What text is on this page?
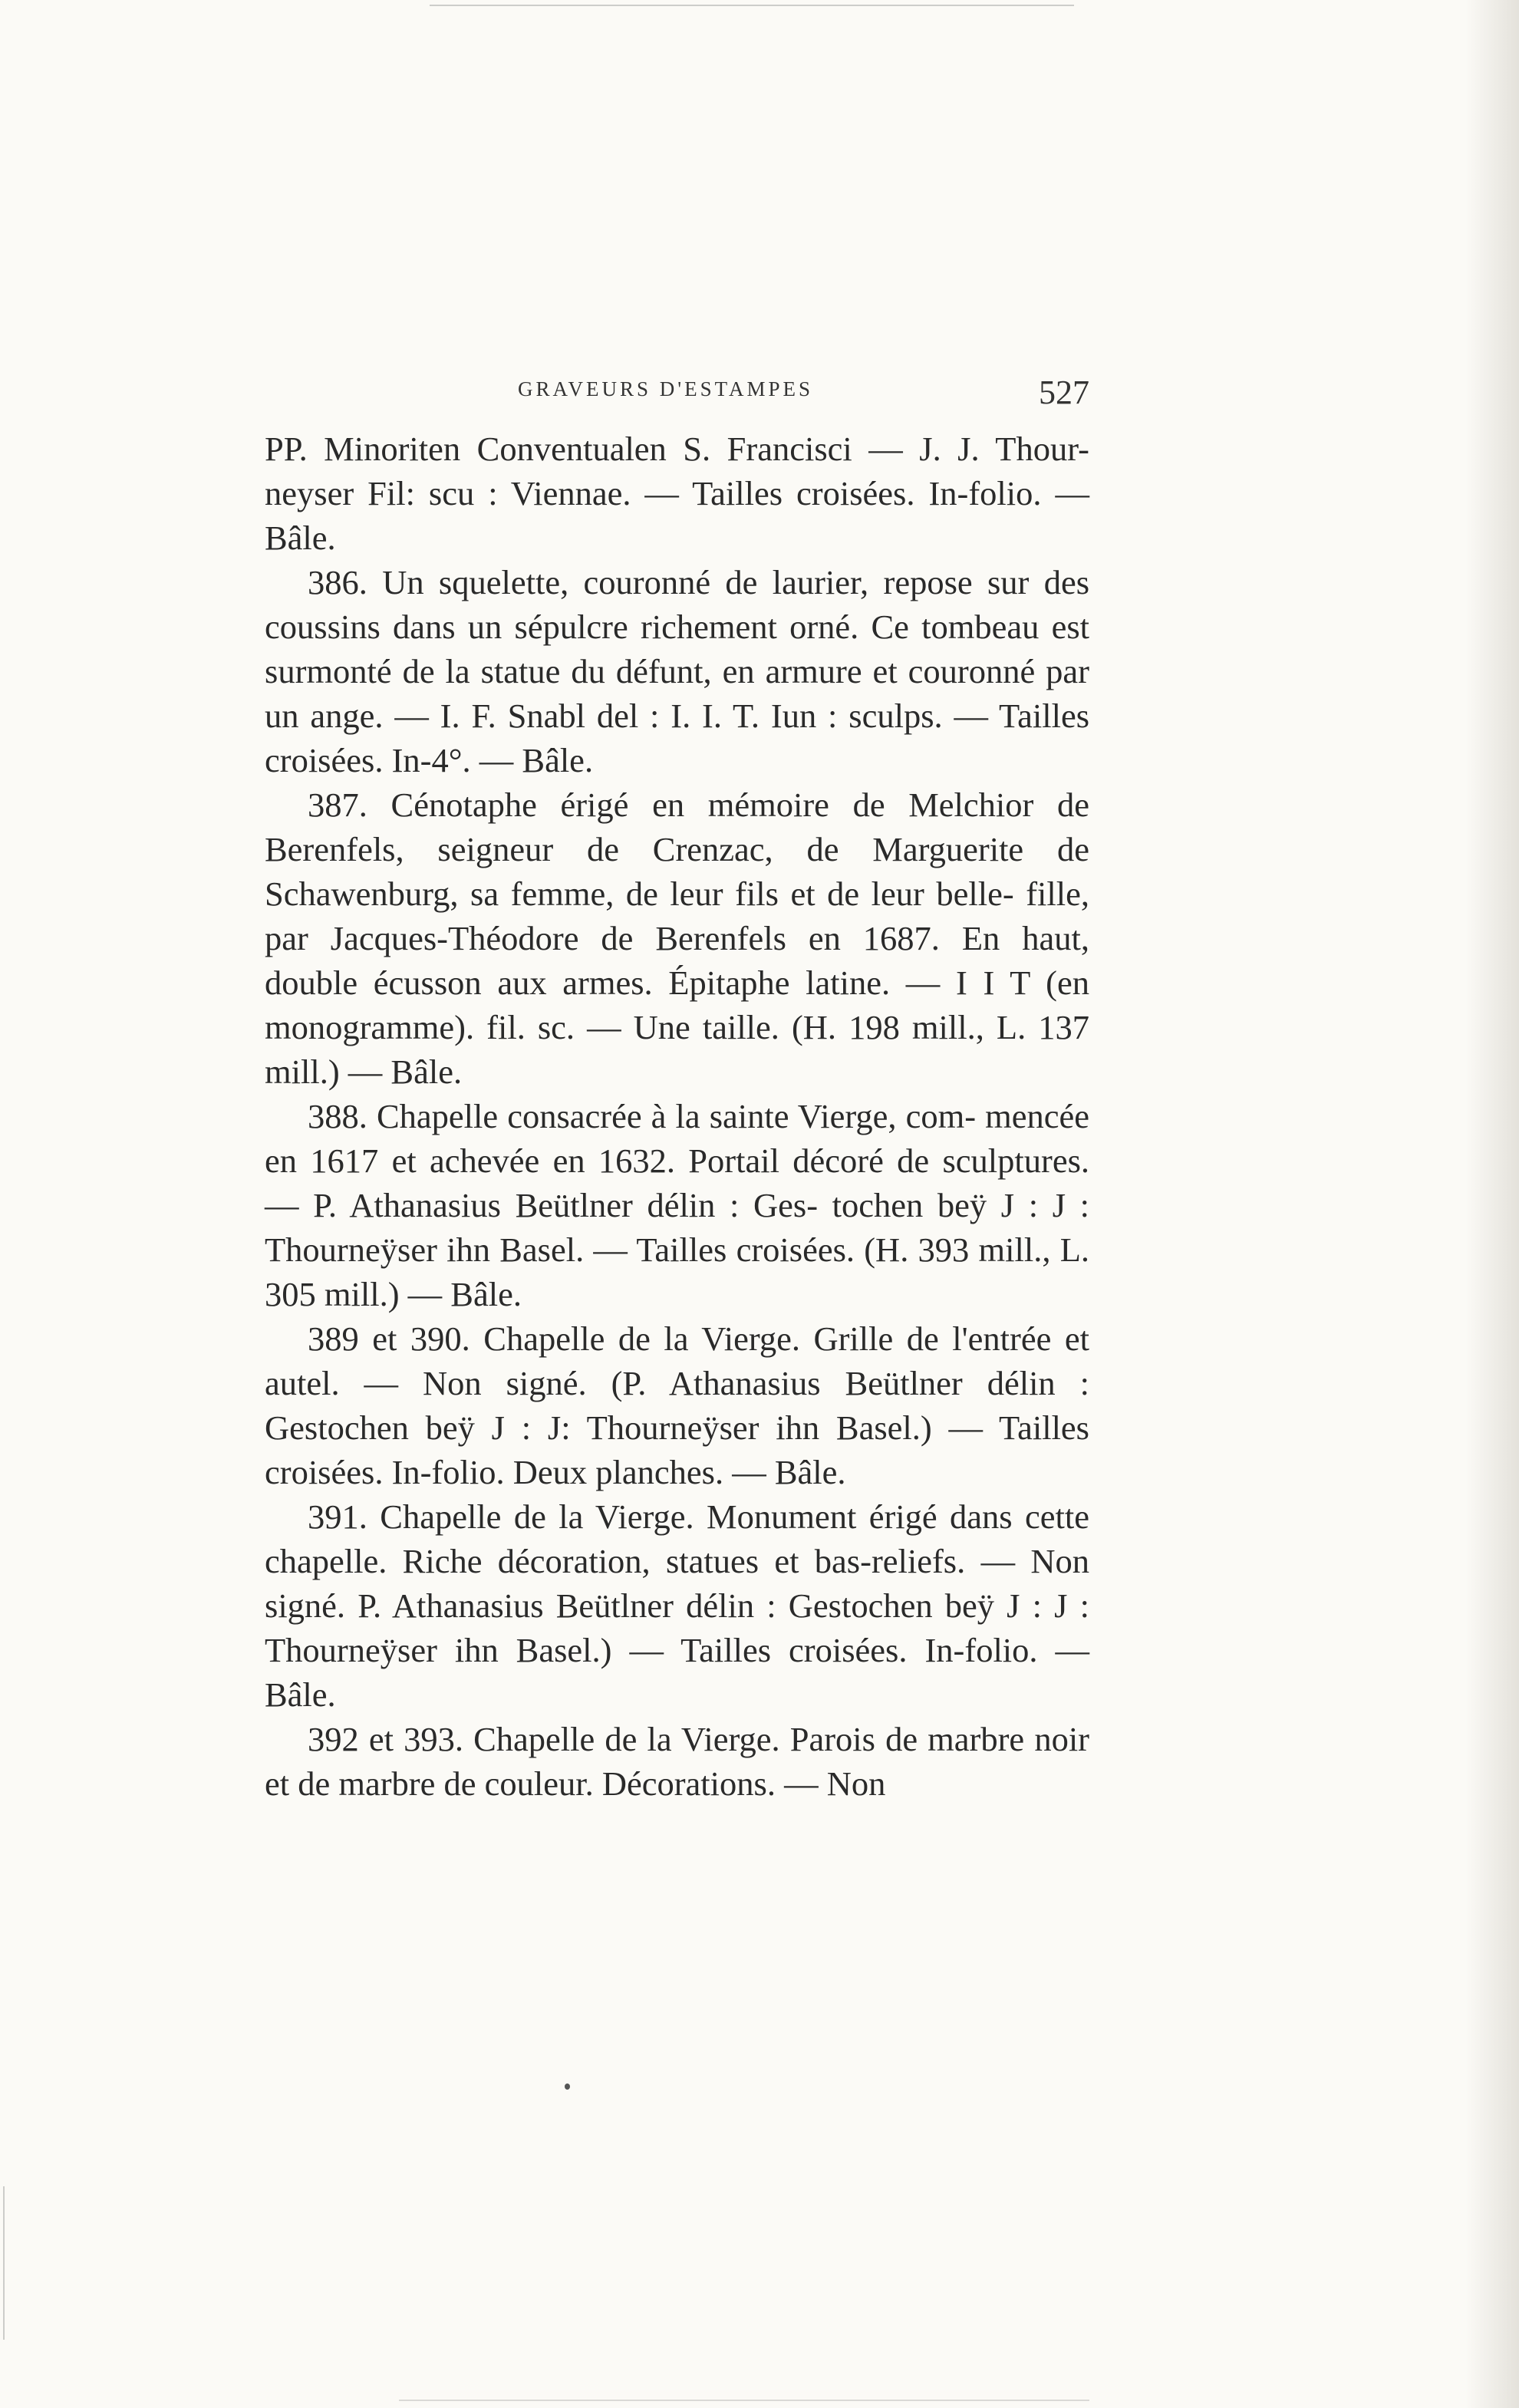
GRAVEURS D'ESTAMPES	527

PP. Minoriten Conventualen S. Francisci — J. J. Thour- neyser Fil: scu : Viennae. — Tailles croisées. In-folio. — Bâle.

386. Un squelette, couronné de laurier, repose sur des coussins dans un sépulcre richement orné. Ce tombeau est surmonté de la statue du défunt, en armure et couronné par un ange. — I. F. Snabl del : I. I. T. Iun : sculps. — Tailles croisées. In-4°. — Bâle.

387. Cénotaphe érigé en mémoire de Melchior de Berenfels, seigneur de Crenzac, de Marguerite de Schawenburg, sa femme, de leur fils et de leur belle- fille, par Jacques-Théodore de Berenfels en 1687. En haut, double écusson aux armes. Épitaphe latine. — I I T (en monogramme). fil. sc. — Une taille. (H. 198 mill., L. 137 mill.) — Bâle.

388. Chapelle consacrée à la sainte Vierge, com- mencée en 1617 et achevée en 1632. Portail décoré de sculptures. — P. Athanasius Beütlner délin : Ges- tochen beÿ J : J : Thourneÿser ihn Basel. — Tailles croisées. (H. 393 mill., L. 305 mill.) — Bâle.

389 et 390. Chapelle de la Vierge. Grille de l'entrée et autel. — Non signé. (P. Athanasius Beütlner délin : Gestochen beÿ J : J: Thourneÿser ihn Basel.) — Tailles croisées. In-folio. Deux planches. — Bâle.

391. Chapelle de la Vierge. Monument érigé dans cette chapelle. Riche décoration, statues et bas-reliefs. — Non signé. P. Athanasius Beütlner délin : Gestochen beÿ J : J : Thourneÿser ihn Basel.) — Tailles croisées. In-folio. — Bâle.

392 et 393. Chapelle de la Vierge. Parois de marbre noir et de marbre de couleur. Décorations. — Non
